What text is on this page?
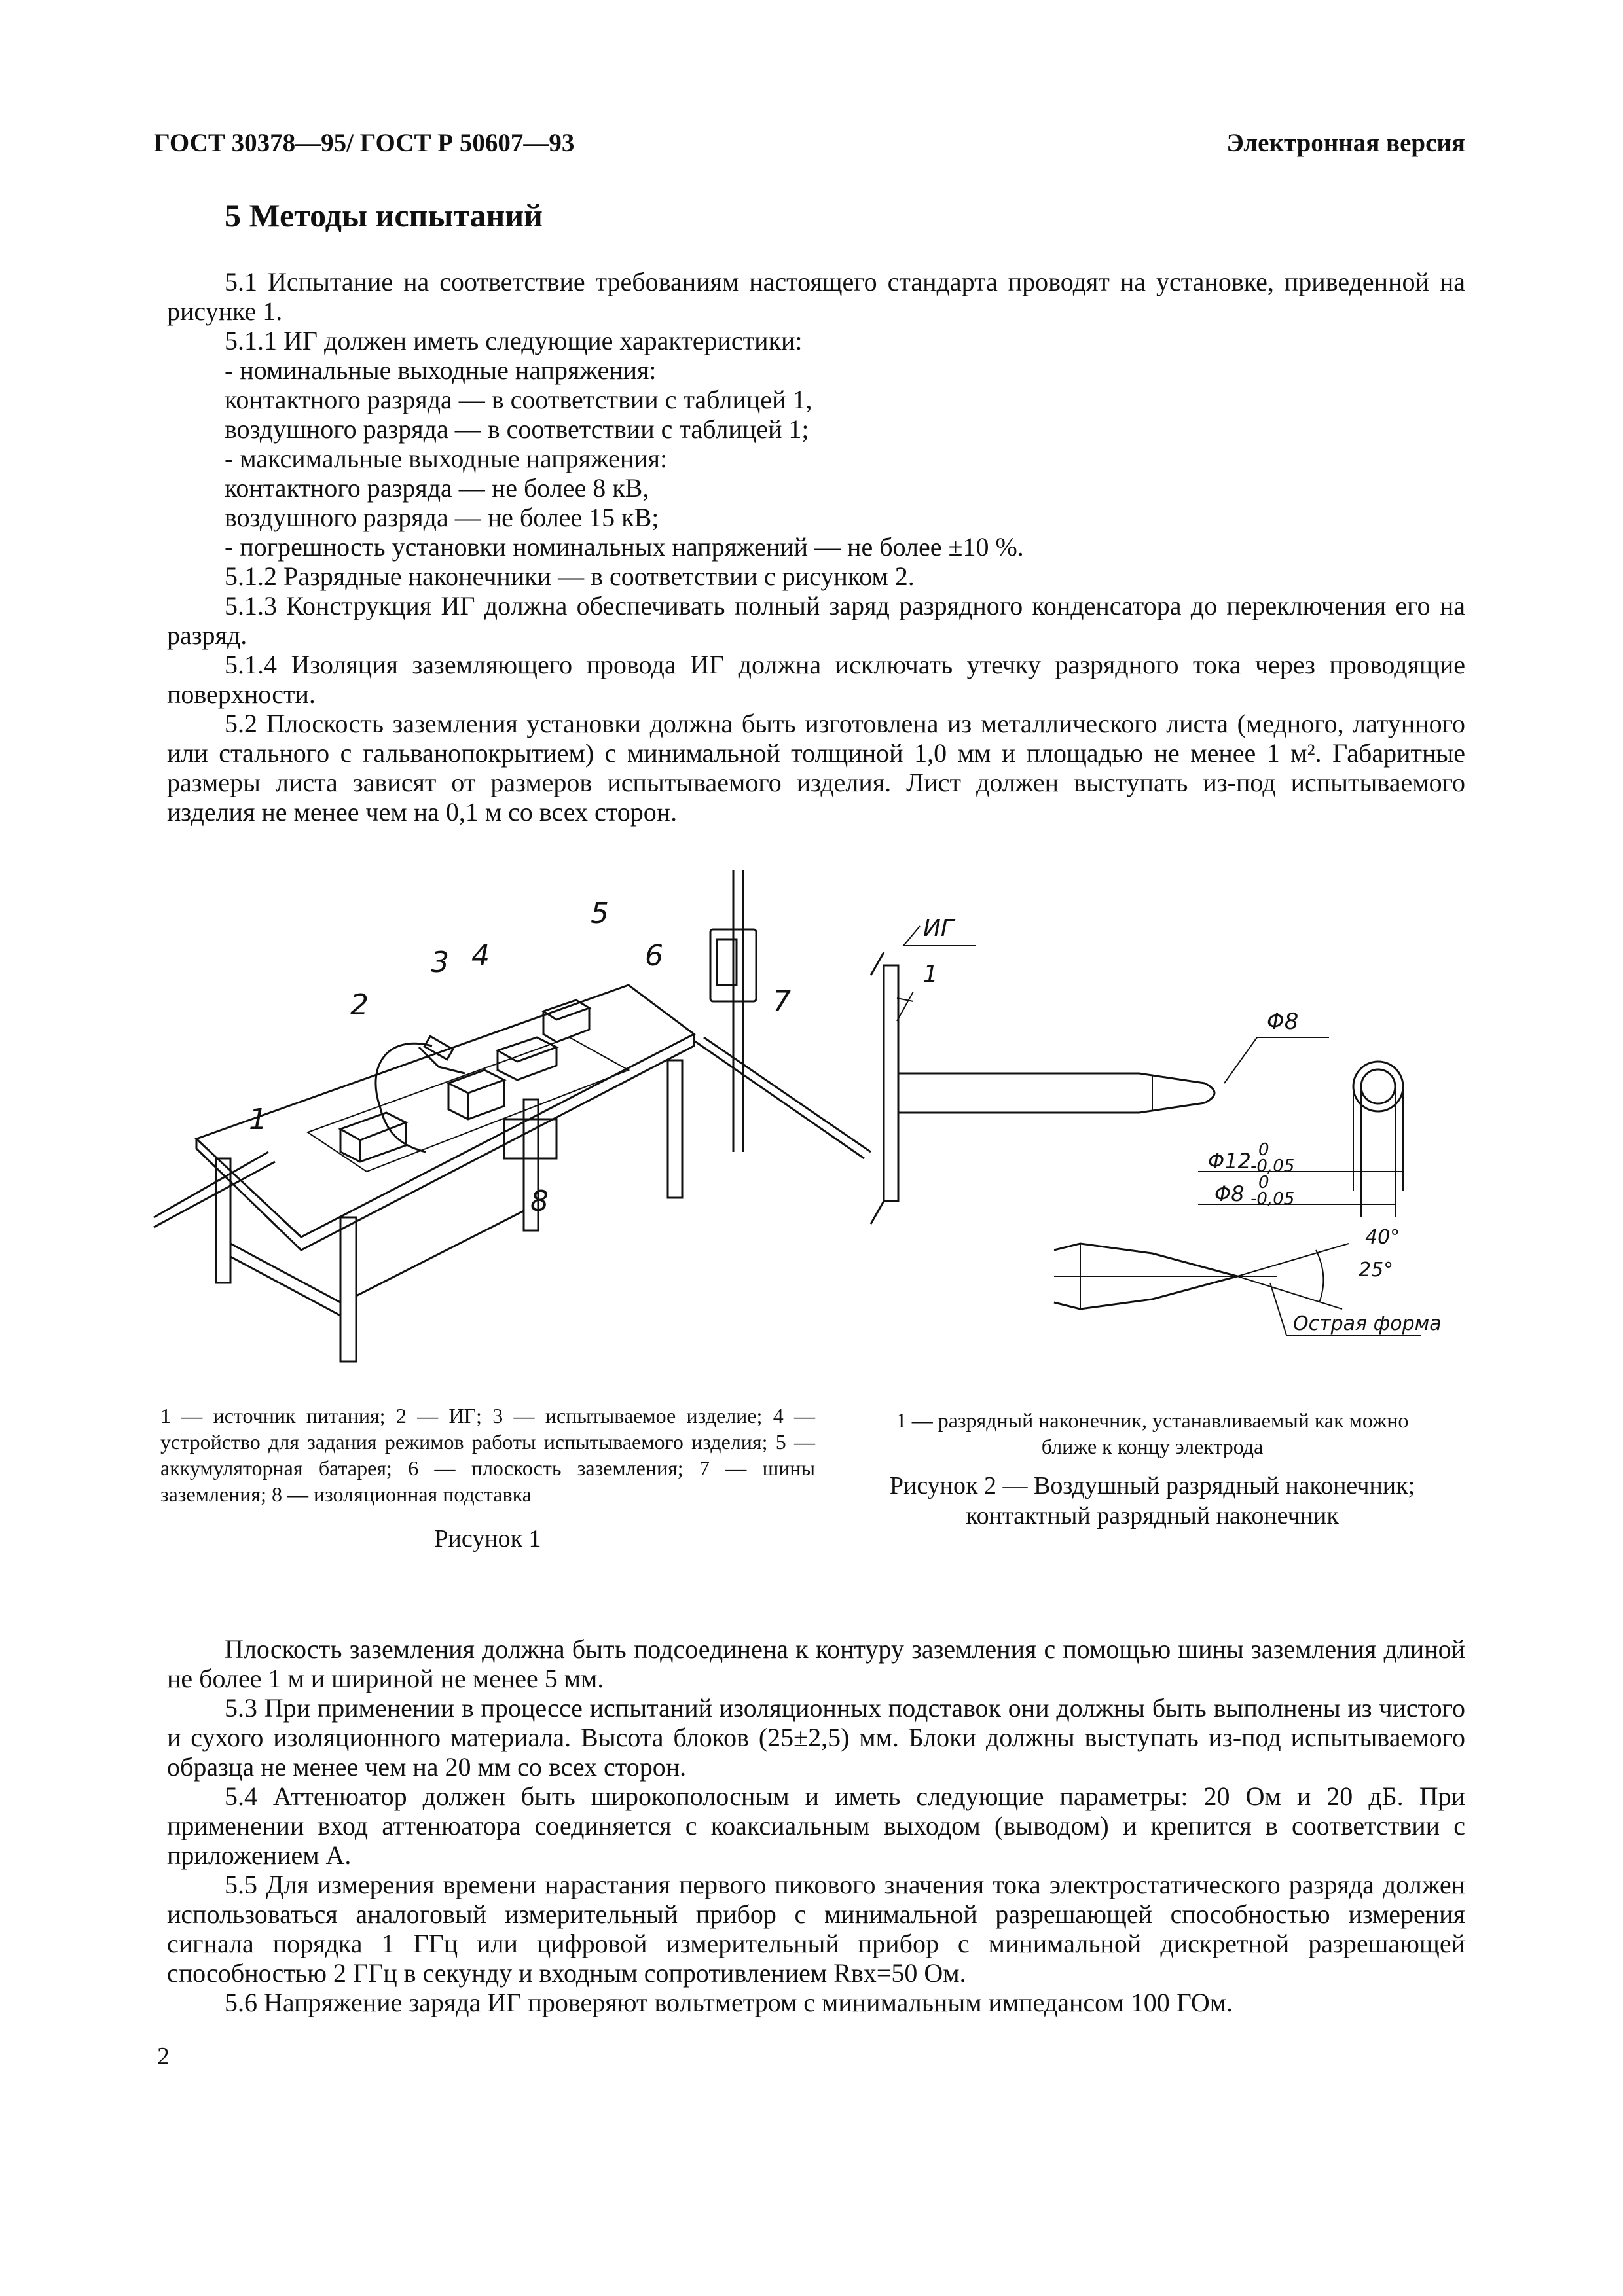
ГОСТ 30378—95/ ГОСТ Р 50607—93	Электронная версия
5 Методы испытаний

5.1 Испытание на соответствие требованиям настоящего стандарта проводят на установке, приведенной на рисунке 1.

5.1.1 ИГ должен иметь следующие характеристики:

- номинальные выходные напряжения:

контактного разряда — в соответствии с таблицей 1,

воздушного разряда — в соответствии с таблицей 1;

- максимальные выходные напряжения:

контактного разряда — не более 8 кВ,

воздушного разряда — не более 15 кВ;

- погрешность установки номинальных напряжений — не более ±10 %.

5.1.2 Разрядные наконечники — в соответствии с рисунком 2.

5.1.3 Конструкция ИГ должна обеспечивать полный заряд разрядного конденсатора до переключения его на разряд.

5.1.4 Изоляция заземляющего провода ИГ должна исключать утечку разрядного тока через проводящие поверхности.

5.2 Плоскость заземления установки должна быть изготовлена из металлического листа (медного, латунного или стального с гальванопокрытием) с минимальной толщиной 1,0 мм и площадью не менее 1 м². Габаритные размеры листа зависят от размеров испытываемого изделия. Лист должен выступать из-под испытываемого изделия не менее чем на 0,1 м со всех сторон.

1
2
3 4
5
6
7
8
1 — источник питания; 2 — ИГ; 3 — испытываемое изделие; 4 — устройство для задания режимов работы испытываемого изделия; 5 — аккумуляторная батарея; 6 — плоскость заземления; 7 — шины заземления; 8 — изоляционная подставка
Рисунок 1
ИГ
1
Φ8
Φ12 0
-0,05
Φ8 0
-0,05
40°
25°
Острая форма
1 — разрядный наконечник, устанавливаемый как можно ближе к концу электрода
Рисунок 2 — Воздушный разрядный наконечник; контактный разрядный наконечник

Плоскость заземления должна быть подсоединена к контуру заземления с помощью шины заземления длиной не более 1 м и шириной не менее 5 мм.

5.3 При применении в процессе испытаний изоляционных подставок они должны быть выполнены из чистого и сухого изоляционного материала. Высота блоков (25±2,5) мм. Блоки должны выступать из-под испытываемого образца не менее чем на 20 мм со всех сторон.

5.4 Аттенюатор должен быть широкополосным и иметь следующие параметры: 20 Ом и 20 дБ. При применении вход аттенюатора соединяется с коаксиальным выходом (выводом) и крепится в соответствии с приложением А.

5.5 Для измерения времени нарастания первого пикового значения тока электростатического разряда должен использоваться аналоговый измерительный прибор с минимальной разрешающей способностью измерения сигнала порядка 1 ГГц или цифровой измерительный прибор с минимальной дискретной разрешающей способностью 2 ГГц в секунду и входным сопротивлением Rвх=50 Ом.

5.6 Напряжение заряда ИГ проверяют вольтметром с минимальным импедансом 100 ГОм.

2
